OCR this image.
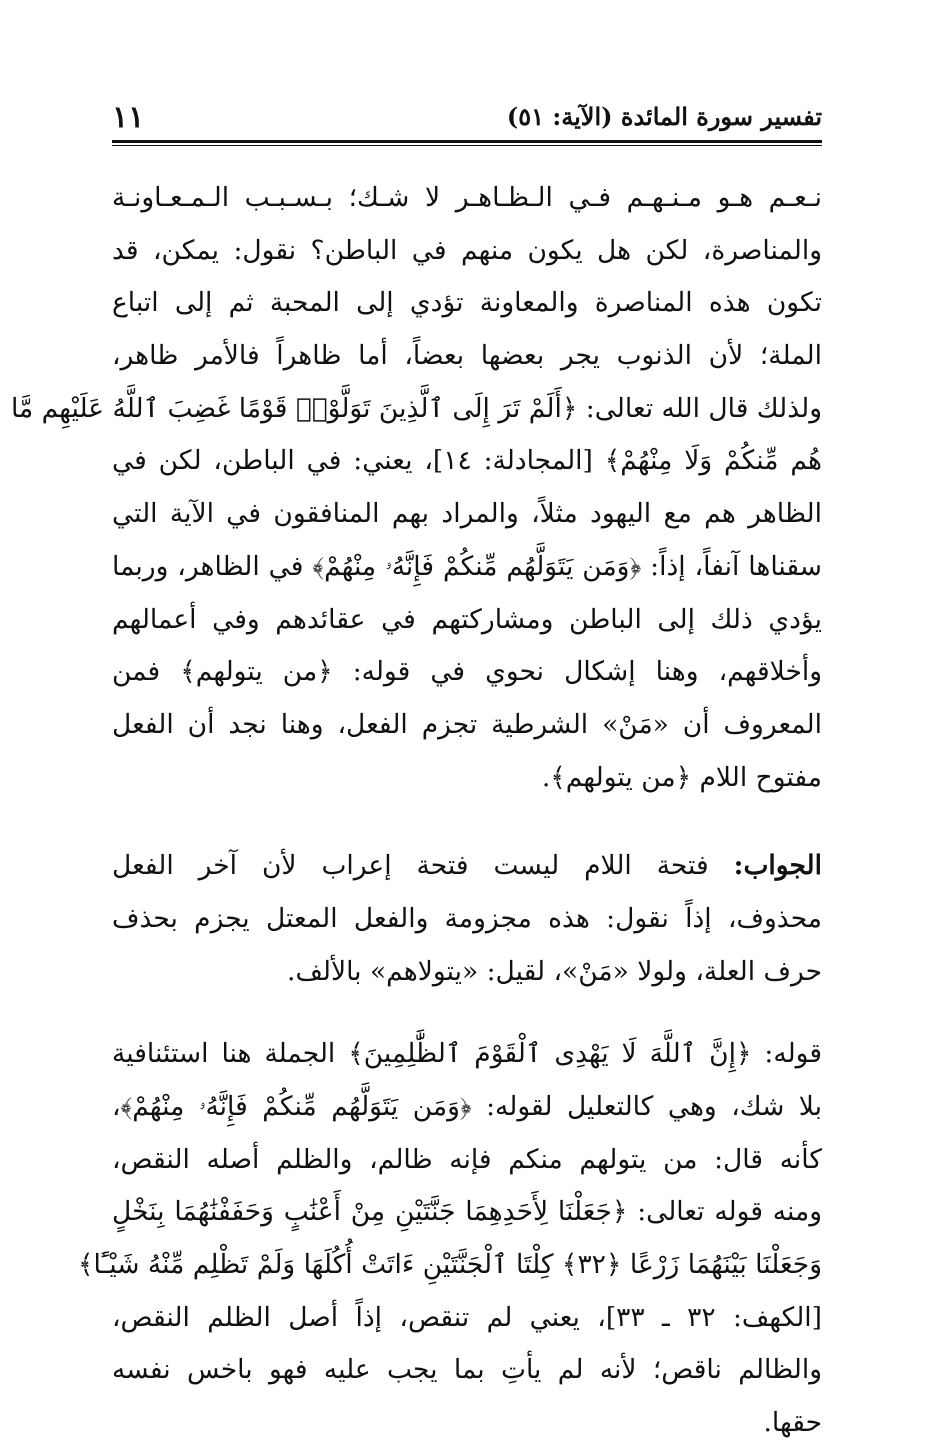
تفسير سورة المائدة (الآية: ٥١)
١١
نـعـم هـو مـنـهـم فـي الـظـاهـر لا شـك؛ بـسـبـب الـمـعـاونـة
والمناصرة، لكن هل يكون منهم في الباطن؟ نقول: يمكن، قد
تكون هذه المناصرة والمعاونة تؤدي إلى المحبة ثم إلى اتباع
الملة؛ لأن الذنوب يجر بعضها بعضاً، أما ظاهراً فالأمر ظاهر،
ولذلك قال الله تعالى: ﴿أَلَمْ تَرَ إِلَى ٱلَّذِينَ تَوَلَّوْا۟ قَوْمًا غَضِبَ ٱللَّهُ عَلَيْهِم مَّا
هُم مِّنكُمْ وَلَا مِنْهُمْ﴾ [المجادلة: ١٤]، يعني: في الباطن، لكن في
الظاهر هم مع اليهود مثلاً، والمراد بهم المنافقون في الآية التي
سقناها آنفاً، إذاً: ﴿وَمَن يَتَوَلَّهُم مِّنكُمْ فَإِنَّهُۥ مِنْهُمْ﴾ في الظاهر، وربما
يؤدي ذلك إلى الباطن ومشاركتهم في عقائدهم وفي أعمالهم
وأخلاقهم، وهنا إشكال نحوي في قوله: ﴿من يتولهم﴾ فمن
المعروف أن «مَنْ» الشرطية تجزم الفعل، وهنا نجد أن الفعل
مفتوح اللام ﴿من يتولهم﴾.
الجواب: فتحة اللام ليست فتحة إعراب لأن آخر الفعل
محذوف، إذاً نقول: هذه مجزومة والفعل المعتل يجزم بحذف
حرف العلة، ولولا «مَنْ»، لقيل: «يتولاهم» بالألف.
قوله: ﴿إِنَّ ٱللَّهَ لَا يَهْدِى ٱلْقَوْمَ ٱلظَّٰلِمِينَ﴾ الجملة هنا استئنافية
بلا شك، وهي كالتعليل لقوله: ﴿وَمَن يَتَوَلَّهُم مِّنكُمْ فَإِنَّهُۥ مِنْهُمْ﴾،
كأنه قال: من يتولهم منكم فإنه ظالم، والظلم أصله النقص،
ومنه قوله تعالى: ﴿جَعَلْنَا لِأَحَدِهِمَا جَنَّتَيْنِ مِنْ أَعْنَٰبٍ وَحَفَفْنَٰهُمَا بِنَخْلٍ
وَجَعَلْنَا بَيْنَهُمَا زَرْعًا ﴿٣٢﴾ كِلْتَا ٱلْجَنَّتَيْنِ ءَاتَتْ أُكُلَهَا وَلَمْ تَظْلِم مِّنْهُ شَيْـًٔا﴾
[الكهف: ٣٢ ـ ٣٣]، يعني لم تنقص، إذاً أصل الظلم النقص،
والظالم ناقص؛ لأنه لم يأتِ بما يجب عليه فهو باخس نفسه
حقها.
